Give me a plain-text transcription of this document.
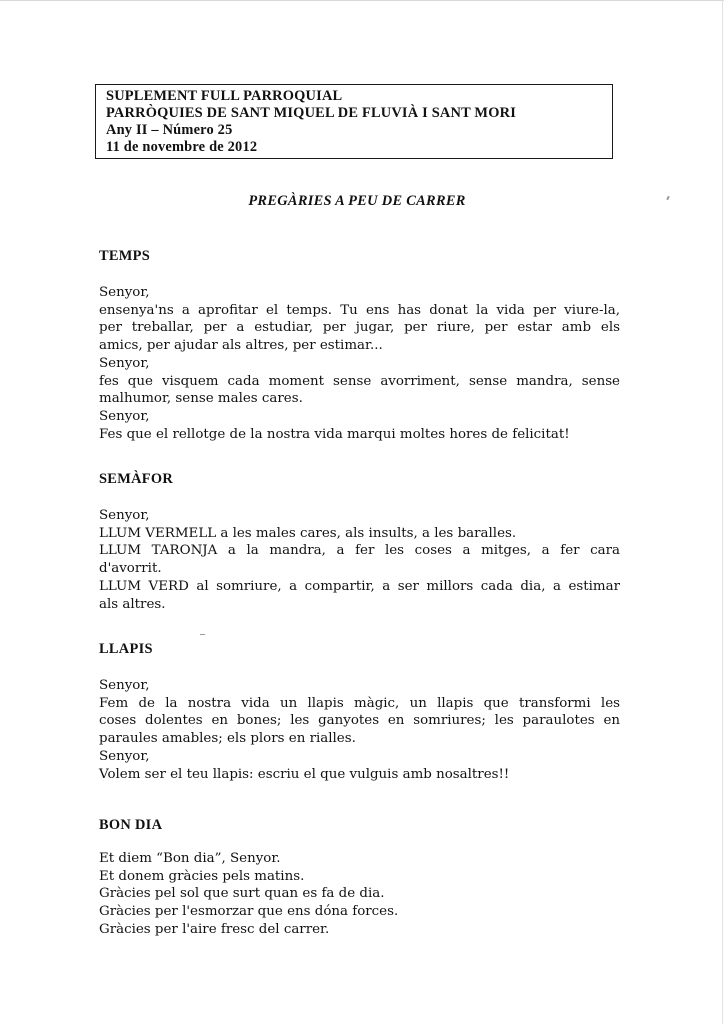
SUPLEMENT FULL PARROQUIAL
PARRÒQUIES DE SANT MIQUEL DE FLUVIÀ I SANT MORI
Any II – Número 25
11 de novembre de 2012
PREGÀRIES A PEU DE CARRER
TEMPS
Senyor,
ensenya'ns a aprofitar el temps. Tu ens has donat la vida per viure-la,
per treballar, per a estudiar, per jugar, per riure, per estar amb els
amics, per ajudar als altres, per estimar...
Senyor,
fes que visquem cada moment sense avorriment, sense mandra, sense
malhumor, sense males cares.
Senyor,
Fes que el rellotge de la nostra vida marqui moltes hores de felicitat!
SEMÀFOR
Senyor,
LLUM VERMELL a les males cares, als insults, a les baralles.
LLUM TARONJA a la mandra, a fer les coses a mitges, a fer cara
d'avorrit.
LLUM VERD al somriure, a compartir, a ser millors cada dia, a estimar
als altres.
LLAPIS
Senyor,
Fem de la nostra vida un llapis màgic, un llapis que transformi les
coses dolentes en bones; les ganyotes en somriures; les paraulotes en
paraules amables; els plors en rialles.
Senyor,
Volem ser el teu llapis: escriu el que vulguis amb nosaltres!!
BON DIA
Et diem “Bon dia”, Senyor.
Et donem gràcies pels matins.
Gràcies pel sol que surt quan es fa de dia.
Gràcies per l'esmorzar que ens dóna forces.
Gràcies per l'aire fresc del carrer.
